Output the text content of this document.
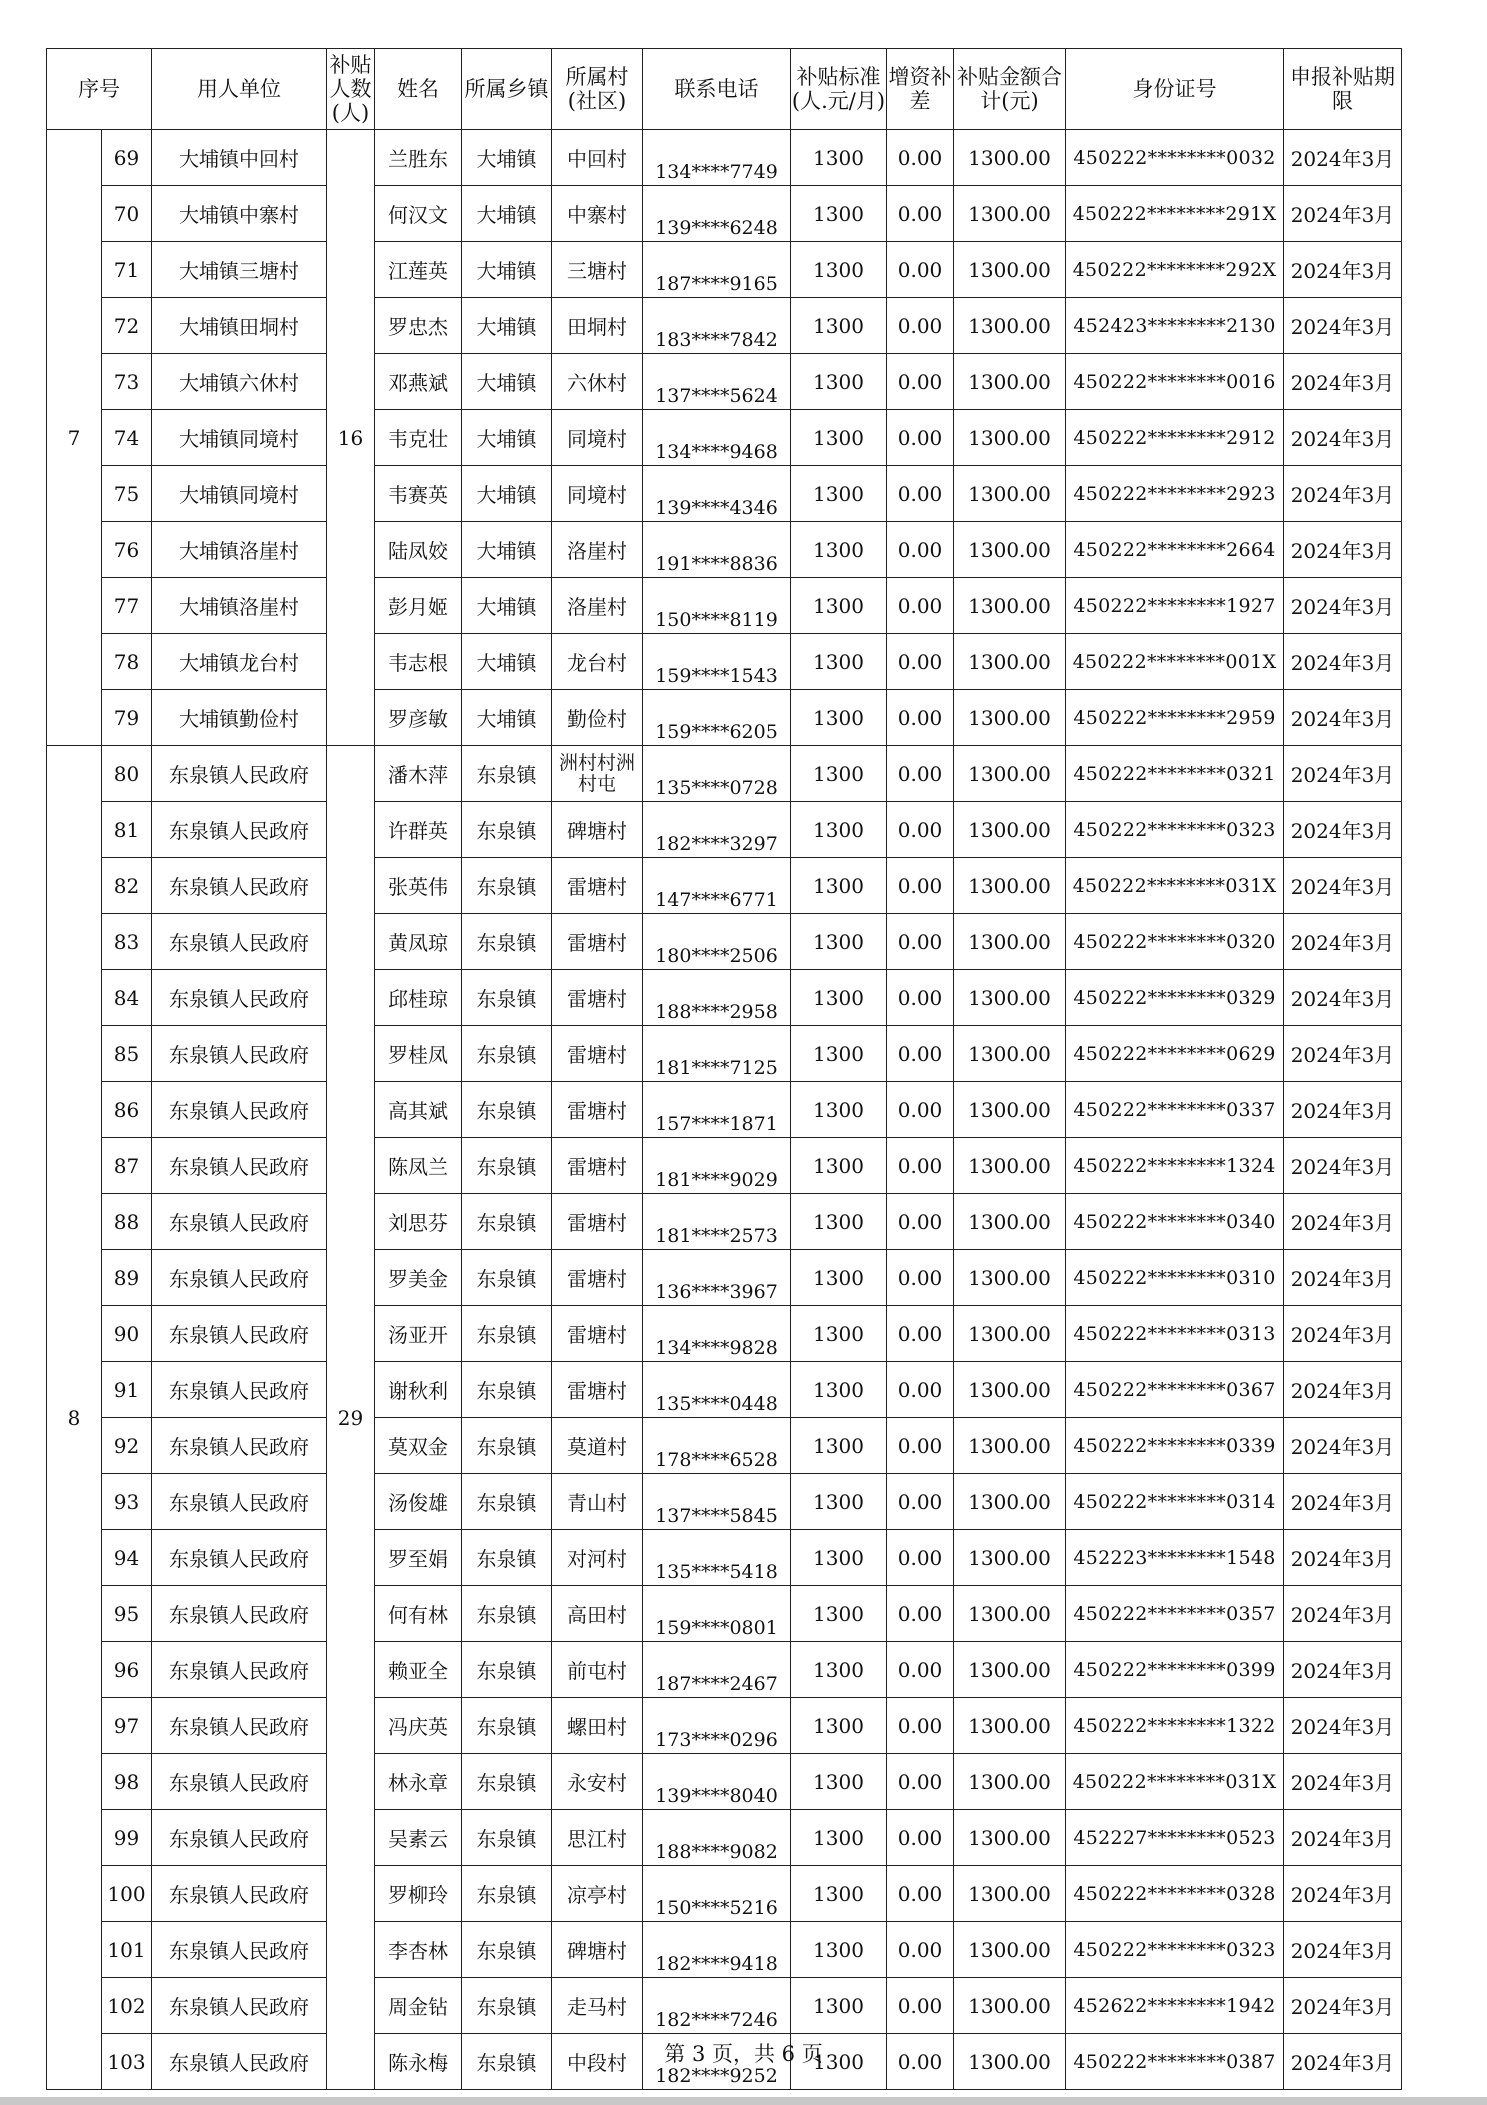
序号		用人单位	补贴人数(人)	姓名	所属乡镇	所属村(社区)	联系电话	补贴标准(人.元/月)	增资补差	补贴金额合计(元)	身份证号	申报补贴期限
7	69	大埔镇中回村	16	兰胜东	大埔镇	中回村	134****7749	1300	0.00	1300.00	450222********0032	2024年3月
	70	大埔镇中寨村		何汉文	大埔镇	中寨村	139****6248	1300	0.00	1300.00	450222********291X	2024年3月
	71	大埔镇三塘村		江莲英	大埔镇	三塘村	187****9165	1300	0.00	1300.00	450222********292X	2024年3月
	72	大埔镇田垌村		罗忠杰	大埔镇	田垌村	183****7842	1300	0.00	1300.00	452423********2130	2024年3月
	73	大埔镇六休村		邓燕斌	大埔镇	六休村	137****5624	1300	0.00	1300.00	450222********0016	2024年3月
	74	大埔镇同境村		韦克壮	大埔镇	同境村	134****9468	1300	0.00	1300.00	450222********2912	2024年3月
	75	大埔镇同境村		韦赛英	大埔镇	同境村	139****4346	1300	0.00	1300.00	450222********2923	2024年3月
	76	大埔镇洛崖村		陆凤姣	大埔镇	洛崖村	191****8836	1300	0.00	1300.00	450222********2664	2024年3月
	77	大埔镇洛崖村		彭月姬	大埔镇	洛崖村	150****8119	1300	0.00	1300.00	450222********1927	2024年3月
	78	大埔镇龙台村		韦志根	大埔镇	龙台村	159****1543	1300	0.00	1300.00	450222********001X	2024年3月
	79	大埔镇勤俭村		罗彦敏	大埔镇	勤俭村	159****6205	1300	0.00	1300.00	450222********2959	2024年3月
8	80	东泉镇人民政府	29	潘木萍	东泉镇	洲村村洲村屯	135****0728	1300	0.00	1300.00	450222********0321	2024年3月
	81	东泉镇人民政府		许群英	东泉镇	碑塘村	182****3297	1300	0.00	1300.00	450222********0323	2024年3月
	82	东泉镇人民政府		张英伟	东泉镇	雷塘村	147****6771	1300	0.00	1300.00	450222********031X	2024年3月
	83	东泉镇人民政府		黄凤琼	东泉镇	雷塘村	180****2506	1300	0.00	1300.00	450222********0320	2024年3月
	84	东泉镇人民政府		邱桂琼	东泉镇	雷塘村	188****2958	1300	0.00	1300.00	450222********0329	2024年3月
	85	东泉镇人民政府		罗桂凤	东泉镇	雷塘村	181****7125	1300	0.00	1300.00	450222********0629	2024年3月
	86	东泉镇人民政府		高其斌	东泉镇	雷塘村	157****1871	1300	0.00	1300.00	450222********0337	2024年3月
	87	东泉镇人民政府		陈凤兰	东泉镇	雷塘村	181****9029	1300	0.00	1300.00	450222********1324	2024年3月
	88	东泉镇人民政府		刘思芬	东泉镇	雷塘村	181****2573	1300	0.00	1300.00	450222********0340	2024年3月
	89	东泉镇人民政府		罗美金	东泉镇	雷塘村	136****3967	1300	0.00	1300.00	450222********0310	2024年3月
	90	东泉镇人民政府		汤亚开	东泉镇	雷塘村	134****9828	1300	0.00	1300.00	450222********0313	2024年3月
	91	东泉镇人民政府		谢秋利	东泉镇	雷塘村	135****0448	1300	0.00	1300.00	450222********0367	2024年3月
	92	东泉镇人民政府		莫双金	东泉镇	莫道村	178****6528	1300	0.00	1300.00	450222********0339	2024年3月
	93	东泉镇人民政府		汤俊雄	东泉镇	青山村	137****5845	1300	0.00	1300.00	450222********0314	2024年3月
	94	东泉镇人民政府		罗至娟	东泉镇	对河村	135****5418	1300	0.00	1300.00	452223********1548	2024年3月
	95	东泉镇人民政府		何有林	东泉镇	高田村	159****0801	1300	0.00	1300.00	450222********0357	2024年3月
	96	东泉镇人民政府		赖亚全	东泉镇	前屯村	187****2467	1300	0.00	1300.00	450222********0399	2024年3月
	97	东泉镇人民政府		冯庆英	东泉镇	螺田村	173****0296	1300	0.00	1300.00	450222********1322	2024年3月
	98	东泉镇人民政府		林永章	东泉镇	永安村	139****8040	1300	0.00	1300.00	450222********031X	2024年3月
	99	东泉镇人民政府		吴素云	东泉镇	思江村	188****9082	1300	0.00	1300.00	452227********0523	2024年3月
	100	东泉镇人民政府		罗柳玲	东泉镇	凉亭村	150****5216	1300	0.00	1300.00	450222********0328	2024年3月
	101	东泉镇人民政府		李杏林	东泉镇	碑塘村	182****9418	1300	0.00	1300.00	450222********0323	2024年3月
	102	东泉镇人民政府		周金钻	东泉镇	走马村	182****7246	1300	0.00	1300.00	452622********1942	2024年3月
	103	东泉镇人民政府		陈永梅	东泉镇	中段村	182****9252	1300	0.00	1300.00	450222********0387	2024年3月
第 3 页，共 6 页
